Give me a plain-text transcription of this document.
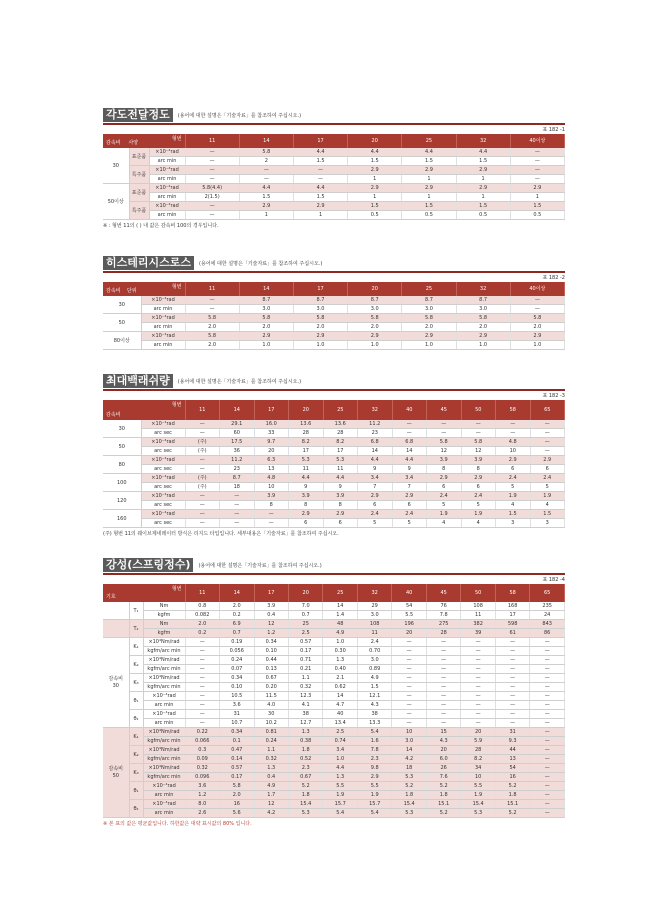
각도전달정도	(용어에 대한 설명은「기술자료」를 참조하여 주십시오.)
표 182 -1
형번
감속비 사양			11	14	17	20	25	32	40이상
30	표준품	×10⁻⁴rad	—	5.8	4.4	4.4	4.4	4.4	—
		arc min	—	2	1.5	1.5	1.5	1.5	—
	특주품	×10⁻⁴rad	—	—	—	2.9	2.9	2.9	—
		arc min	—	—	—	1	1	1	—
50이상	표준품	×10⁻⁴rad	5.8(4.4)	4.4	4.4	2.9	2.9	2.9	2.9
		arc min	2(1.5)	1.5	1.5	1	1	1	1
	특주품	×10⁻⁴rad	—	2.9	2.9	1.5	1.5	1.5	1.5
		arc min	—	1	1	0.5	0.5	0.5	0.5
※ : 형번 11의 ( ) 내 값은 감속비 100의 경우입니다.
히스테리시스로스	(용어에 대한 설명은「기술자료」를 참조하여 주십시오.)
표 182 -2
형번
감속비 단위		11	14	17	20	25	32	40이상
30	×10⁻⁴rad	—	8.7	8.7	8.7	8.7	8.7	—
	arc min	—	3.0	3.0	3.0	3.0	3.0	—
50	×10⁻⁴rad	5.8	5.8	5.8	5.8	5.8	5.8	5.8
	arc min	2.0	2.0	2.0	2.0	2.0	2.0	2.0
80이상	×10⁻⁴rad	5.8	2.9	2.9	2.9	2.9	2.9	2.9
	arc min	2.0	1.0	1.0	1.0	1.0	1.0	1.0
최대백래쉬량	(용어에 대한 설명은「기술자료」를 참조하여 주십시오.)
표 182 -3
형번
감속비		11	14	17	20	25	32	40	45	50	58	65
30	×10⁻⁴rad	—	29.1	16.0	13.6	13.6	11.2	—	—	—	—	—
	arc sec	—	60	33	28	28	23	—	—	—	—	—
50	×10⁻⁴rad	(주)	17.5	9.7	8.2	8.2	6.8	6.8	5.8	5.8	4.8	—
	arc sec	(주)	36	20	17	17	14	14	12	12	10	—
80	×10⁻⁴rad	—	11.2	6.3	5.3	5.3	4.4	4.4	3.9	3.9	2.9	2.9
	arc sec	—	23	13	11	11	9	9	8	8	6	6
100	×10⁻⁴rad	(주)	8.7	4.8	4.4	4.4	3.4	3.4	2.9	2.9	2.4	2.4
	arc sec	(주)	18	10	9	9	7	7	6	6	5	5
120	×10⁻⁴rad	—	—	3.9	3.9	3.9	2.9	2.9	2.4	2.4	1.9	1.9
	arc sec	—	—	8	8	8	6	6	5	5	4	4
160	×10⁻⁴rad	—	—	—	2.9	2.9	2.4	2.4	1.9	1.9	1.5	1.5
	arc sec	—	—	—	6	6	5	5	4	4	3	3
(주) 형번 11의 웨이브제네레이터 방식은 리지드 타입입니다. 세부내용은「기술자료」를 참조하여 주십시오.
강성(스프링정수)	(용어에 대한 설명은「기술자료」를 참조하여 주십시오.)
표 182 -4
형번
기호			11	14	17	20	25	32	40	45	50	58	65
	T₁	Nm	0.8	2.0	3.9	7.0	14	29	54	76	108	168	235
		kgfm	0.082	0.2	0.4	0.7	1.4	3.0	5.5	7.8	11	17	24
	T₂	Nm	2.0	6.9	12	25	48	108	196	275	382	598	843
		kgfm	0.2	0.7	1.2	2.5	4.9	11	20	28	39	61	86
감속비
30	K₁	×10⁴Nm/rad	—	0.19	0.34	0.57	1.0	2.4	—	—	—	—	—
		kgfm/arc min	—	0.056	0.10	0.17	0.30	0.70	—	—	—	—	—
	K₂	×10⁴Nm/rad	—	0.24	0.44	0.71	1.3	3.0	—	—	—	—	—
		kgfm/arc min	—	0.07	0.13	0.21	0.40	0.89	—	—	—	—	—
	K₃	×10⁴Nm/rad	—	0.34	0.67	1.1	2.1	4.9	—	—	—	—	—
		kgfm/arc min	—	0.10	0.20	0.32	0.62	1.5	—	—	—	—	—
	θ₁	×10⁻⁴rad	—	10.5	11.5	12.3	14	12.1	—	—	—	—	—
		arc min	—	3.6	4.0	4.1	4.7	4.3	—	—	—	—	—
	θ₂	×10⁻⁴rad	—	31	30	38	40	38	—	—	—	—	—
		arc min	—	10.7	10.2	12.7	13.4	13.3	—	—	—	—	—
감속비
50	K₁	×10⁴Nm/rad	0.22	0.34	0.81	1.3	2.5	5.4	10	15	20	31	—
		kgfm/arc min	0.066	0.1	0.24	0.38	0.74	1.6	3.0	4.3	5.9	9.3	—
	K₂	×10⁴Nm/rad	0.3	0.47	1.1	1.8	3.4	7.8	14	20	28	44	—
		kgfm/arc min	0.09	0.14	0.32	0.52	1.0	2.3	4.2	6.0	8.2	13	—
	K₃	×10⁴Nm/rad	0.32	0.57	1.3	2.3	4.4	9.8	18	26	34	54	—
		kgfm/arc min	0.096	0.17	0.4	0.67	1.3	2.9	5.3	7.6	10	16	—
	θ₁	×10⁻⁴rad	3.6	5.8	4.9	5.2	5.5	5.5	5.2	5.2	5.5	5.2	—
		arc min	1.2	2.0	1.7	1.8	1.9	1.9	1.8	1.8	1.9	1.8	—
	θ₂	×10⁻⁴rad	8.0	16	12	15.4	15.7	15.7	15.4	15.1	15.4	15.1	—
		arc min	2.6	5.6	4.2	5.3	5.4	5.4	5.3	5.2	5.3	5.2	—
※ 본 표의 값은 평균값입니다. 하한값은 대략 표시값의 80% 입니다.
